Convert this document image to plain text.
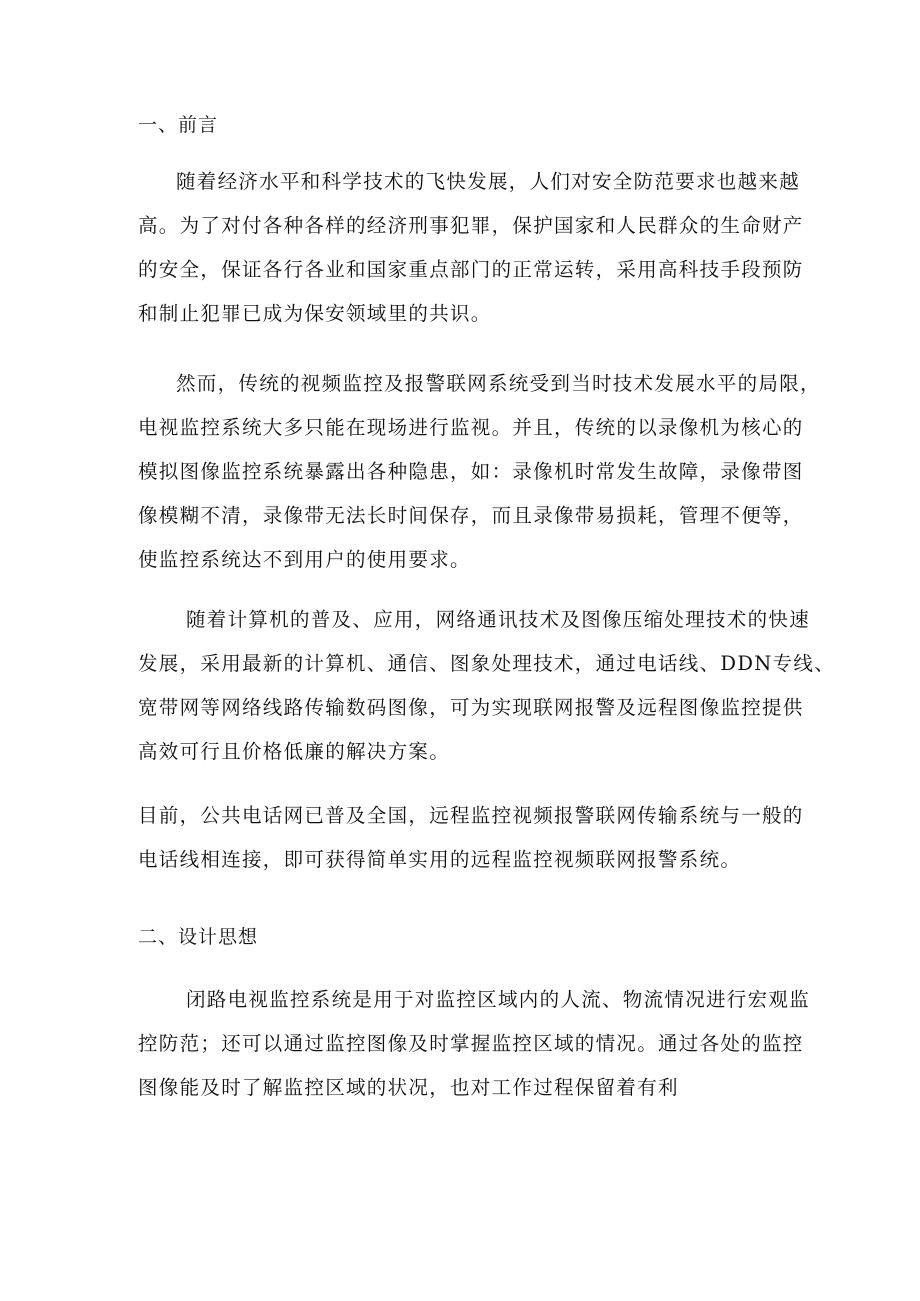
一、前言
随着经济水平和科学技术的飞快发展，人们对安全防范要求也越来越
高。为了对付各种各样的经济刑事犯罪，保护国家和人民群众的生命财产
的安全，保证各行各业和国家重点部门的正常运转，采用高科技手段预防
和制止犯罪已成为保安领域里的共识。
然而，传统的视频监控及报警联网系统受到当时技术发展水平的局限，
电视监控系统大多只能在现场进行监视。并且，传统的以录像机为核心的
模拟图像监控系统暴露出各种隐患，如：录像机时常发生故障，录像带图
像模糊不清，录像带无法长时间保存，而且录像带易损耗，管理不便等，
使监控系统达不到用户的使用要求。
随着计算机的普及、应用，网络通讯技术及图像压缩处理技术的快速
发展，采用最新的计算机、通信、图象处理技术，通过电话线、DDN专线、
宽带网等网络线路传输数码图像，可为实现联网报警及远程图像监控提供
高效可行且价格低廉的解决方案。
目前，公共电话网已普及全国，远程监控视频报警联网传输系统与一般的
电话线相连接，即可获得简单实用的远程监控视频联网报警系统。
二、设计思想
闭路电视监控系统是用于对监控区域内的人流、物流情况进行宏观监
控防范；还可以通过监控图像及时掌握监控区域的情况。通过各处的监控
图像能及时了解监控区域的状况，也对工作过程保留着有利
